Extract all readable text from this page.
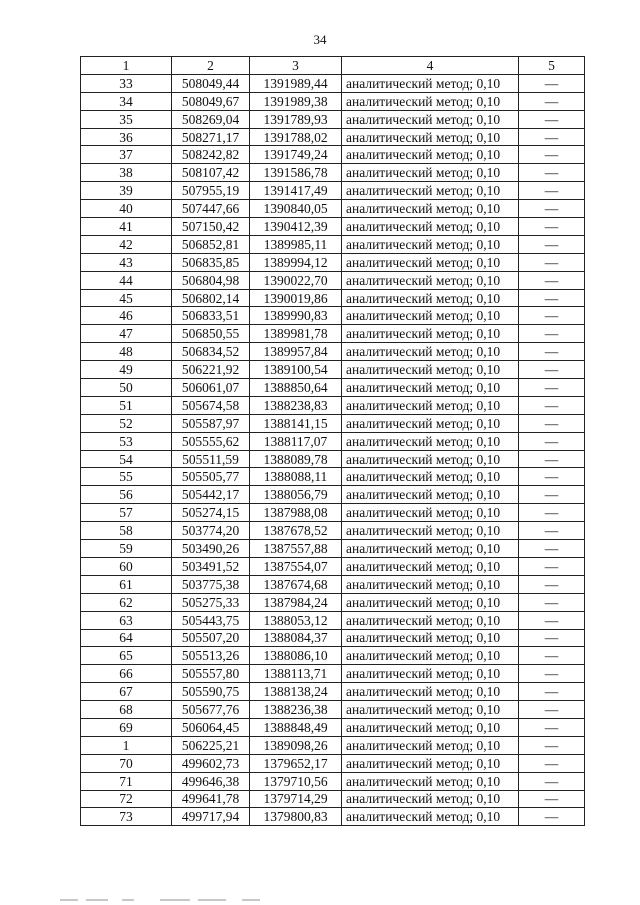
34
1	2	3	4	5
33	508049,44	1391989,44	аналитический метод; 0,10	—
34	508049,67	1391989,38	аналитический метод; 0,10	—
35	508269,04	1391789,93	аналитический метод; 0,10	—
36	508271,17	1391788,02	аналитический метод; 0,10	—
37	508242,82	1391749,24	аналитический метод; 0,10	—
38	508107,42	1391586,78	аналитический метод; 0,10	—
39	507955,19	1391417,49	аналитический метод; 0,10	—
40	507447,66	1390840,05	аналитический метод; 0,10	—
41	507150,42	1390412,39	аналитический метод; 0,10	—
42	506852,81	1389985,11	аналитический метод; 0,10	—
43	506835,85	1389994,12	аналитический метод; 0,10	—
44	506804,98	1390022,70	аналитический метод; 0,10	—
45	506802,14	1390019,86	аналитический метод; 0,10	—
46	506833,51	1389990,83	аналитический метод; 0,10	—
47	506850,55	1389981,78	аналитический метод; 0,10	—
48	506834,52	1389957,84	аналитический метод; 0,10	—
49	506221,92	1389100,54	аналитический метод; 0,10	—
50	506061,07	1388850,64	аналитический метод; 0,10	—
51	505674,58	1388238,83	аналитический метод; 0,10	—
52	505587,97	1388141,15	аналитический метод; 0,10	—
53	505555,62	1388117,07	аналитический метод; 0,10	—
54	505511,59	1388089,78	аналитический метод; 0,10	—
55	505505,77	1388088,11	аналитический метод; 0,10	—
56	505442,17	1388056,79	аналитический метод; 0,10	—
57	505274,15	1387988,08	аналитический метод; 0,10	—
58	503774,20	1387678,52	аналитический метод; 0,10	—
59	503490,26	1387557,88	аналитический метод; 0,10	—
60	503491,52	1387554,07	аналитический метод; 0,10	—
61	503775,38	1387674,68	аналитический метод; 0,10	—
62	505275,33	1387984,24	аналитический метод; 0,10	—
63	505443,75	1388053,12	аналитический метод; 0,10	—
64	505507,20	1388084,37	аналитический метод; 0,10	—
65	505513,26	1388086,10	аналитический метод; 0,10	—
66	505557,80	1388113,71	аналитический метод; 0,10	—
67	505590,75	1388138,24	аналитический метод; 0,10	—
68	505677,76	1388236,38	аналитический метод; 0,10	—
69	506064,45	1388848,49	аналитический метод; 0,10	—
1	506225,21	1389098,26	аналитический метод; 0,10	—
70	499602,73	1379652,17	аналитический метод; 0,10	—
71	499646,38	1379710,56	аналитический метод; 0,10	—
72	499641,78	1379714,29	аналитический метод; 0,10	—
73	499717,94	1379800,83	аналитический метод; 0,10	—
